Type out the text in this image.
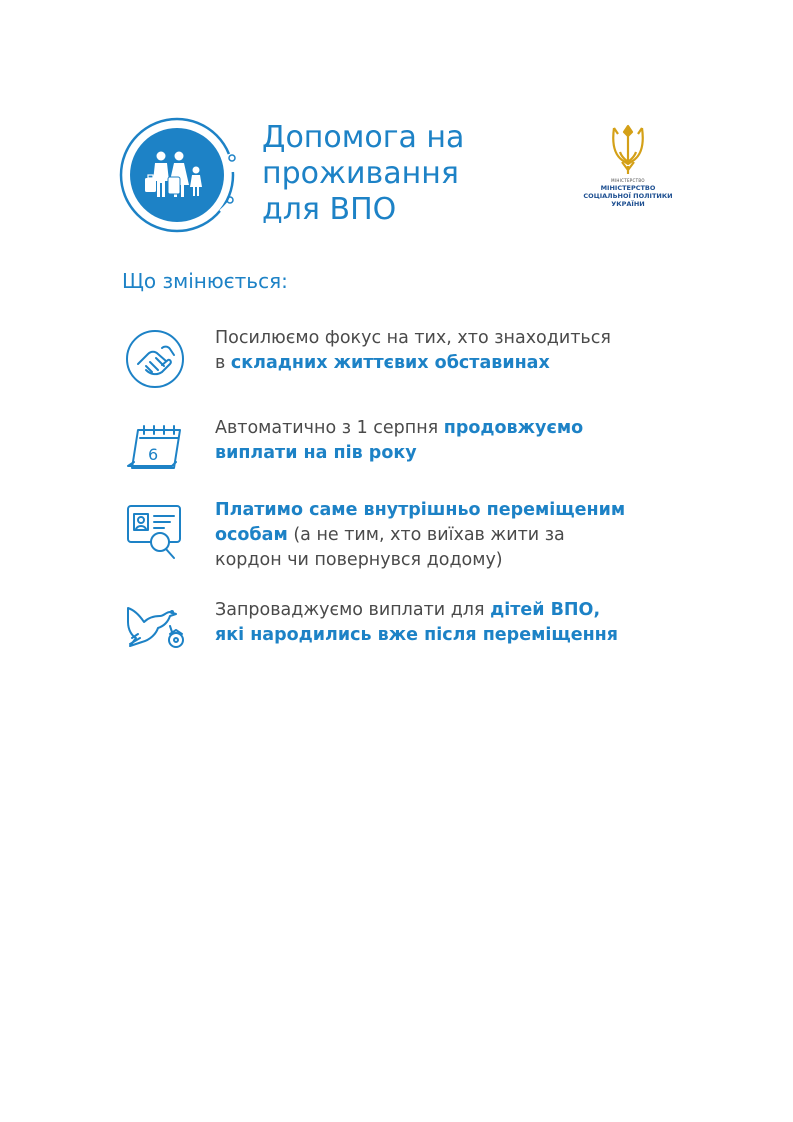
Допомога на
проживання
для ВПО
МІНІСТЕРСТВО
МІНІСТЕРСТВО
СОЦІАЛЬНОЇ ПОЛІТИКИ
УКРАЇНИ
Що змінюється:
Посилюємо фокус на тих, хто знаходиться
в складних життєвих обставинах
6
Автоматично з 1 серпня продовжуємо
виплати на пів року
Платимо саме внутрішньо переміщеним
особам (а не тим, хто виїхав жити за
кордон чи повернувся додому)
Запроваджуємо виплати для дітей ВПО,
які народились вже після переміщення
